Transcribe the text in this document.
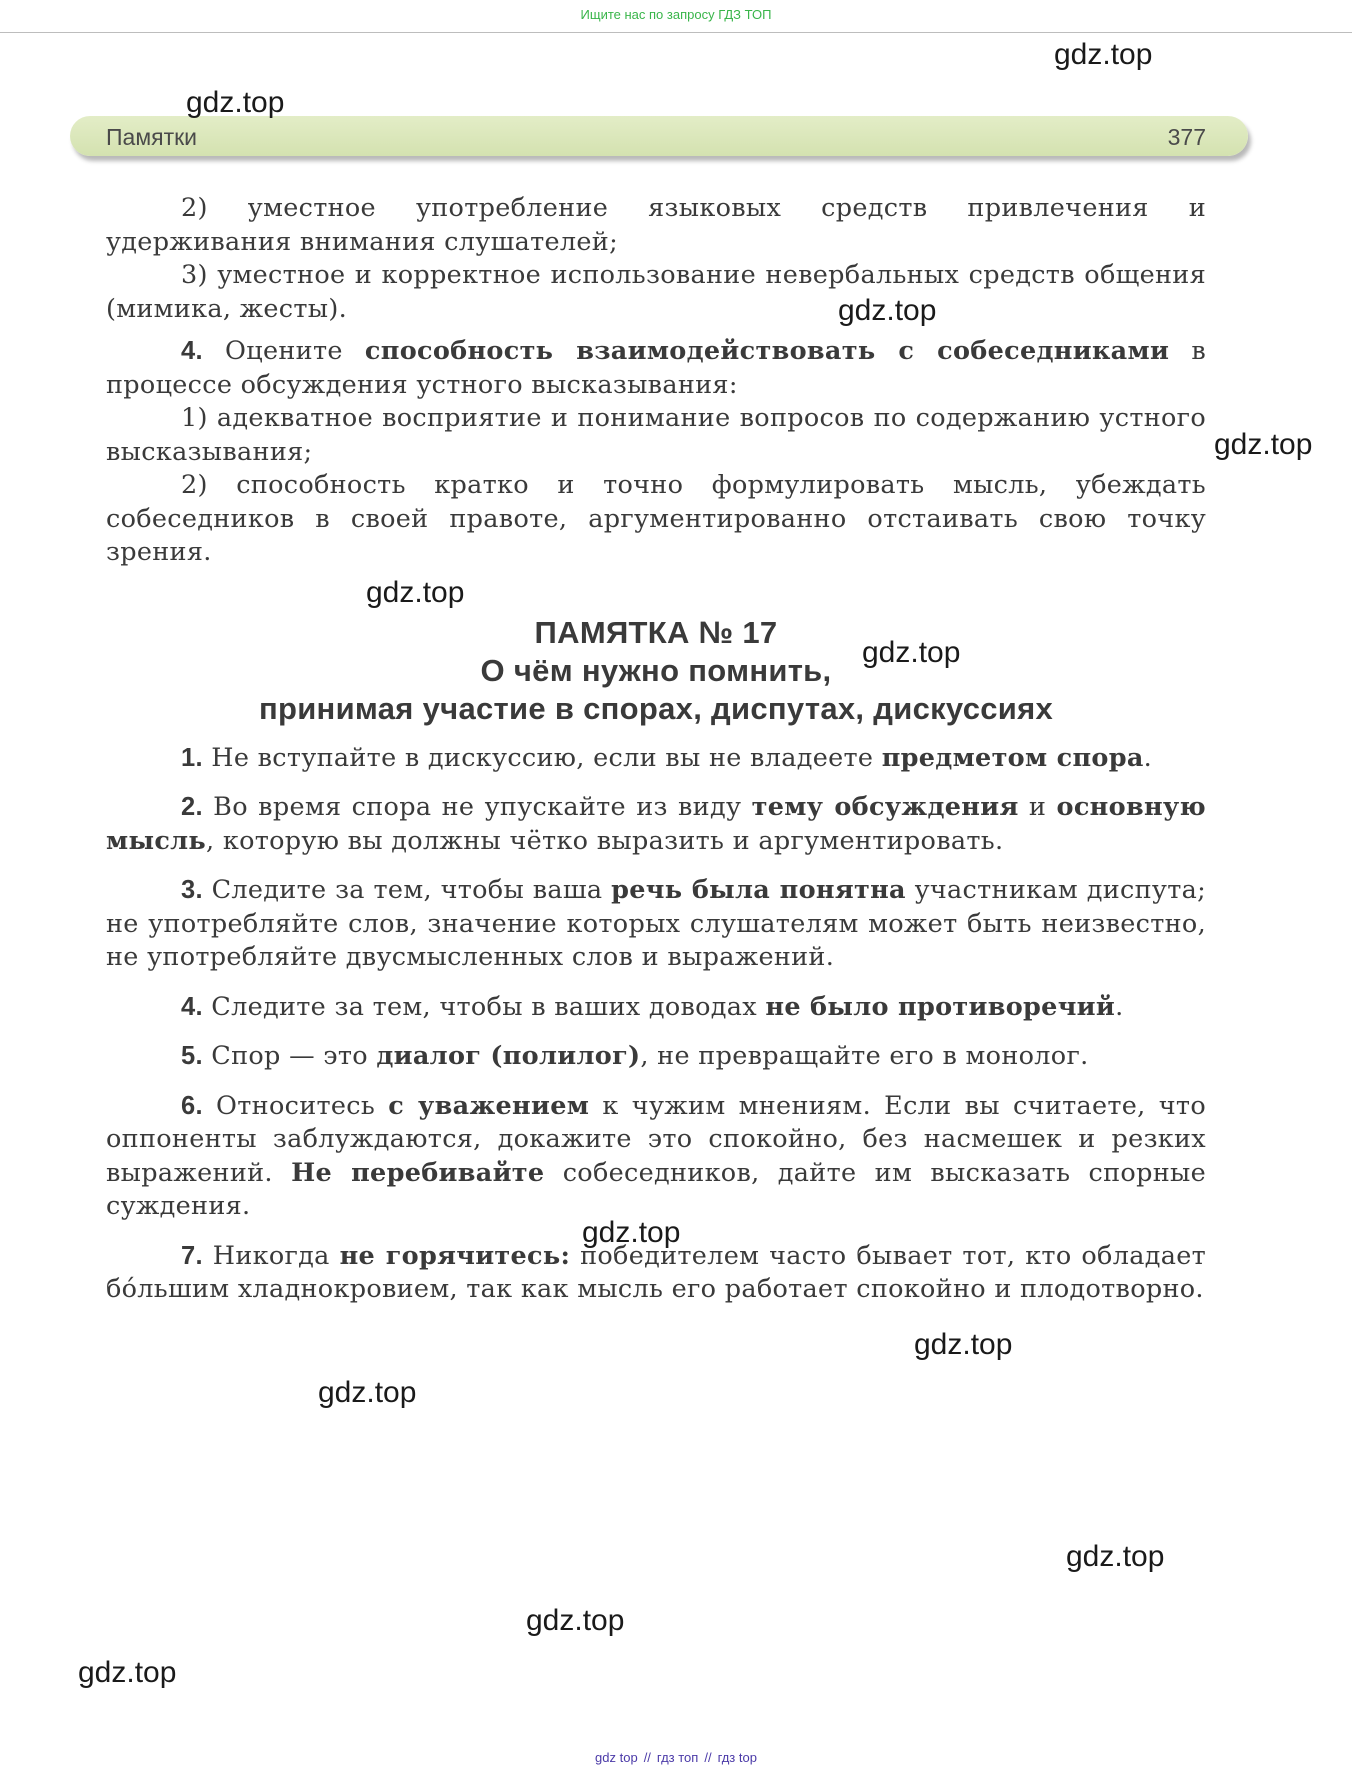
Ищите нас по запросу ГДЗ ТОП
Памятки	377

2) уместное употребление языковых средств привлечения и удерживания внимания слушателей;

3) уместное и корректное использование невербальных средств общения (мимика, жесты).

4. Оцените способность взаимодействовать с собеседниками в процессе обсуждения устного высказывания:

1) адекватное восприятие и понимание вопросов по содержанию устного высказывания;

2) способность кратко и точно формулировать мысль, убеждать собеседников в своей правоте, аргументированно отстаивать свою точку зрения.

ПАМЯТКА № 17
О чём нужно помнить,
принимая участие в спорах, диспутах, дискуссиях

1. Не вступайте в дискуссию, если вы не владеете предметом спора.

2. Во время спора не упускайте из виду тему обсуждения и основную мысль, которую вы должны чётко выразить и аргументировать.

3. Следите за тем, чтобы ваша речь была понятна участникам диспута; не употребляйте слов, значение которых слушателям может быть неизвестно, не употребляйте двусмысленных слов и выражений.

4. Следите за тем, чтобы в ваших доводах не было противоречий.

5. Спор — это диалог (полилог), не превращайте его в монолог.

6. Относитесь с уважением к чужим мнениям. Если вы считаете, что оппоненты заблуждаются, докажите это спокойно, без насмешек и резких выражений. Не перебивайте собеседников, дайте им высказать спорные суждения.

7. Никогда не горячитесь: победителем часто бывает тот, кто обладает бо́льшим хладнокровием, так как мысль его работает спокойно и плодотворно.

gdz.top
gdz.top
gdz.top
gdz.top
gdz.top
gdz.top
gdz.top
gdz.top
gdz.top
gdz.top
gdz.top
gdz.top
gdz top // гдз топ // гдз top
